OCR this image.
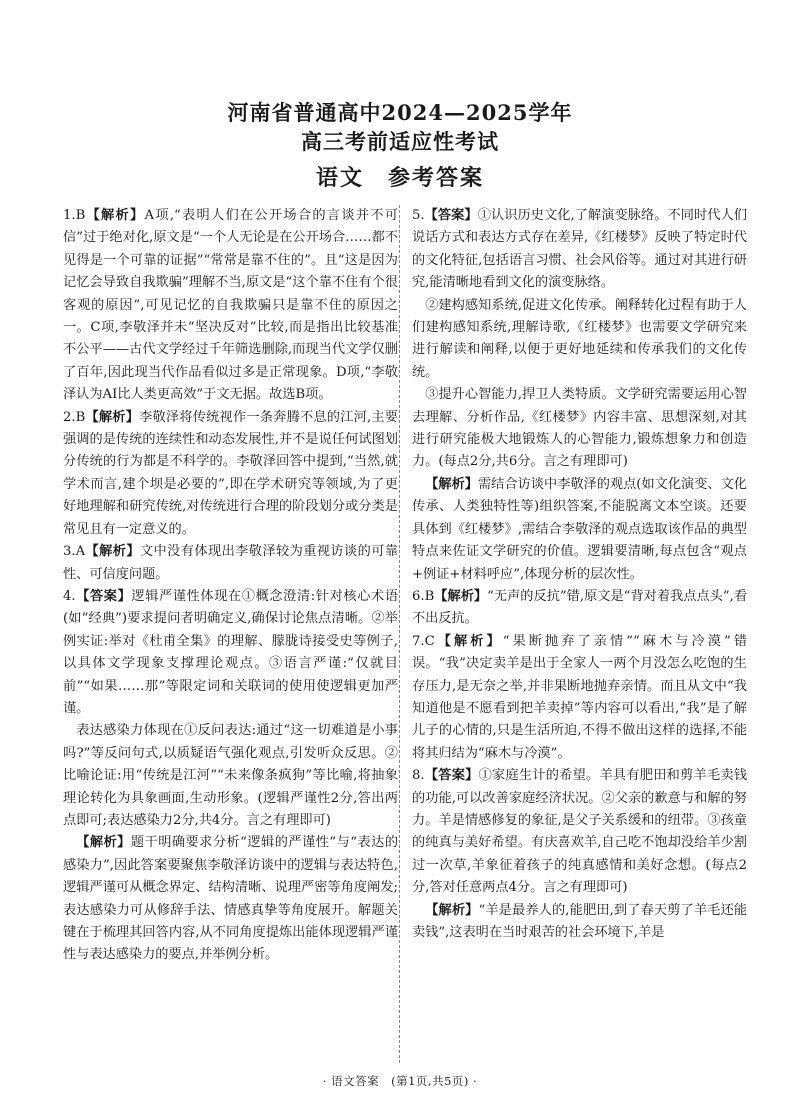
河南省普通高中2024—2025学年
高三考前适应性考试
语文　参考答案

1.B【解析】A项,“表明人们在公开场合的言谈并不可信”过于绝对化,原文是“一个人无论是在公开场合……都不见得是一个可靠的证据”“常常是靠不住的”。且“这是因为记忆会导致自我欺骗”理解不当,原文是“这个靠不住有个很客观的原因”,可见记忆的自我欺骗只是靠不住的原因之一。C项,李敬泽并未“坚决反对”比较,而是指出比较基准不公平——古代文学经过千年筛选删除,而现当代文学仅删了百年,因此现当代作品看似过多是正常现象。D项,“李敬泽认为AI比人类更高效”于文无据。故选B项。

2.B【解析】李敬泽将传统视作一条奔腾不息的江河,主要强调的是传统的连续性和动态发展性,并不是说任何试图划分传统的行为都是不科学的。李敬泽回答中提到,“当然,就学术而言,建个坝是必要的”,即在学术研究等领域,为了更好地理解和研究传统,对传统进行合理的阶段划分或分类是常见且有一定意义的。

3.A【解析】文中没有体现出李敬泽较为重视访谈的可靠性、可信度问题。

4.【答案】逻辑严谨性体现在①概念澄清:针对核心术语(如“经典”)要求提问者明确定义,确保讨论焦点清晰。②举例实证:举对《杜甫全集》的理解、朦胧诗接受史等例子,以具体文学现象支撑理论观点。③语言严谨:“仅就目前”“如果……那”等限定词和关联词的使用使逻辑更加严谨。

表达感染力体现在①反问表达:通过“这一切难道是小事吗?”等反问句式,以质疑语气强化观点,引发听众反思。②比喻论证:用“传统是江河”“未来像条疯狗”等比喻,将抽象理论转化为具象画面,生动形象。(逻辑严谨性2分,答出两点即可;表达感染力2分,共4分。言之有理即可)

【解析】题干明确要求分析“逻辑的严谨性”与“表达的感染力”,因此答案要聚焦李敬泽访谈中的逻辑与表达特色,逻辑严谨可从概念界定、结构清晰、说理严密等角度阐发;表达感染力可从修辞手法、情感真挚等角度展开。解题关键在于梳理其回答内容,从不同角度提炼出能体现逻辑严谨性与表达感染力的要点,并举例分析。

5.【答案】①认识历史文化,了解演变脉络。不同时代人们说话方式和表达方式存在差异,《红楼梦》反映了特定时代的文化特征,包括语言习惯、社会风俗等。通过对其进行研究,能清晰地看到文化的演变脉络。

②建构感知系统,促进文化传承。阐释转化过程有助于人们建构感知系统,理解诗歌,《红楼梦》也需要文学研究来进行解读和阐释,以便于更好地延续和传承我们的文化传统。

③提升心智能力,捍卫人类特质。文学研究需要运用心智去理解、分析作品,《红楼梦》内容丰富、思想深刻,对其进行研究能极大地锻炼人的心智能力,锻炼想象力和创造力。(每点2分,共6分。言之有理即可)

【解析】需结合访谈中李敬泽的观点(如文化演变、文化传承、人类独特性等)组织答案,不能脱离文本空谈。还要具体到《红楼梦》,需结合李敬泽的观点选取该作品的典型特点来佐证文学研究的价值。逻辑要清晰,每点包含“观点+例证+材料呼应”,体现分析的层次性。

6.B【解析】“无声的反抗”错,原文是“背对着我点点头”,看不出反抗。

7.C【解析】“果断抛弃了亲情”“麻木与冷漠”错误。“我”决定卖羊是出于全家人一两个月没怎么吃饱的生存压力,是无奈之举,并非果断地抛弃亲情。而且从文中“我知道他是不愿看到把羊卖掉”等内容可以看出,“我”是了解儿子的心情的,只是生活所迫,不得不做出这样的选择,不能将其归结为“麻木与冷漠”。

8.【答案】①家庭生计的希望。羊具有肥田和剪羊毛卖钱的功能,可以改善家庭经济状况。②父亲的歉意与和解的努力。羊是情感修复的象征,是父子关系缓和的纽带。③孩童的纯真与美好希望。有庆喜欢羊,自己吃不饱却没给羊少割过一次草,羊象征着孩子的纯真感情和美好念想。(每点2分,答对任意两点4分。言之有理即可)

【解析】“羊是最养人的,能肥田,到了春天剪了羊毛还能卖钱”,这表明在当时艰苦的社会环境下,羊是

· 语文答案　(第1页,共5页) ·
